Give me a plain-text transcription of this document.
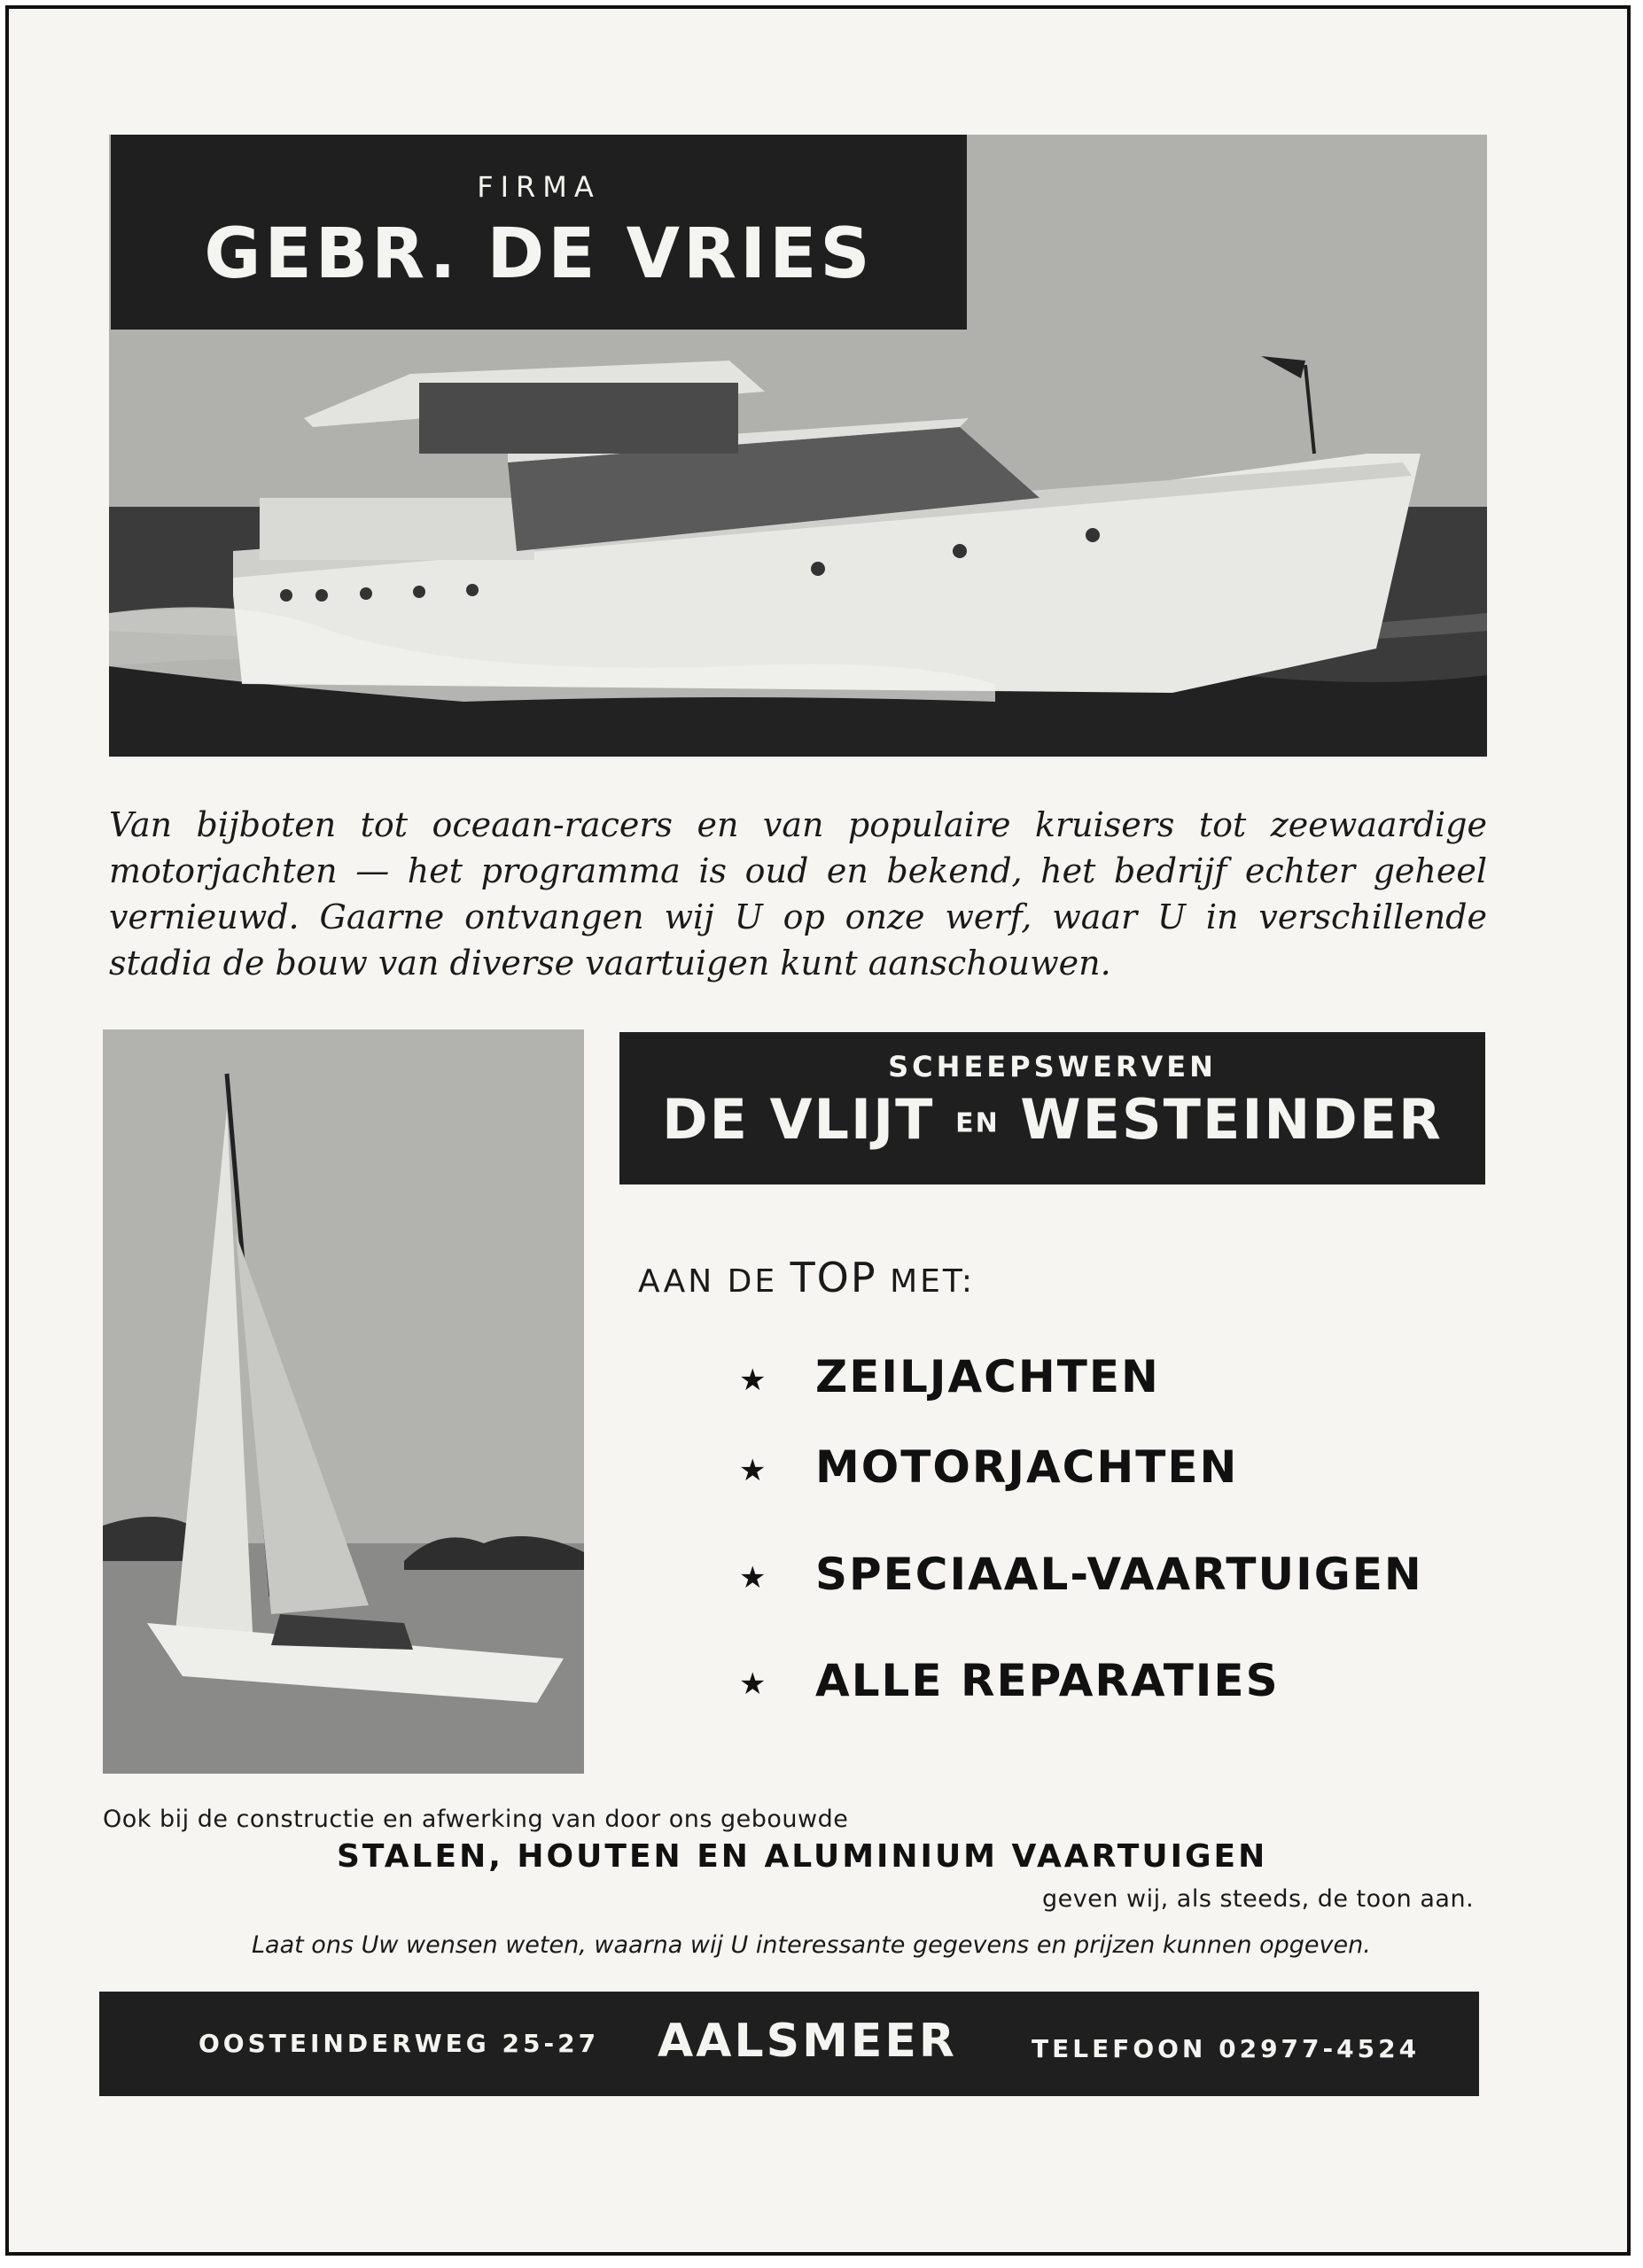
FIRMA
GEBR. DE VRIES
Van bijboten tot oceaan-racers en van populaire kruisers tot zeewaardige motorjachten — het programma is oud en bekend, het bedrijf echter geheel vernieuwd. Gaarne ontvangen wij U op onze werf, waar U in verschillende stadia de bouw van diverse vaartuigen kunt aanschouwen.
SCHEEPSWERVEN
DE VLIJT EN WESTEINDER
AAN DE TOP MET:
★ ZEILJACHTEN
★ MOTORJACHTEN
★ SPECIAAL-VAARTUIGEN
★ ALLE REPARATIES
Ook bij de constructie en afwerking van door ons gebouwde
STALEN, HOUTEN EN ALUMINIUM VAARTUIGEN
geven wij, als steeds, de toon aan.
Laat ons Uw wensen weten, waarna wij U interessante gegevens en prijzen kunnen opgeven.
OOSTEINDERWEG 25-27 AALSMEER	TELEFOON 02977-4524
